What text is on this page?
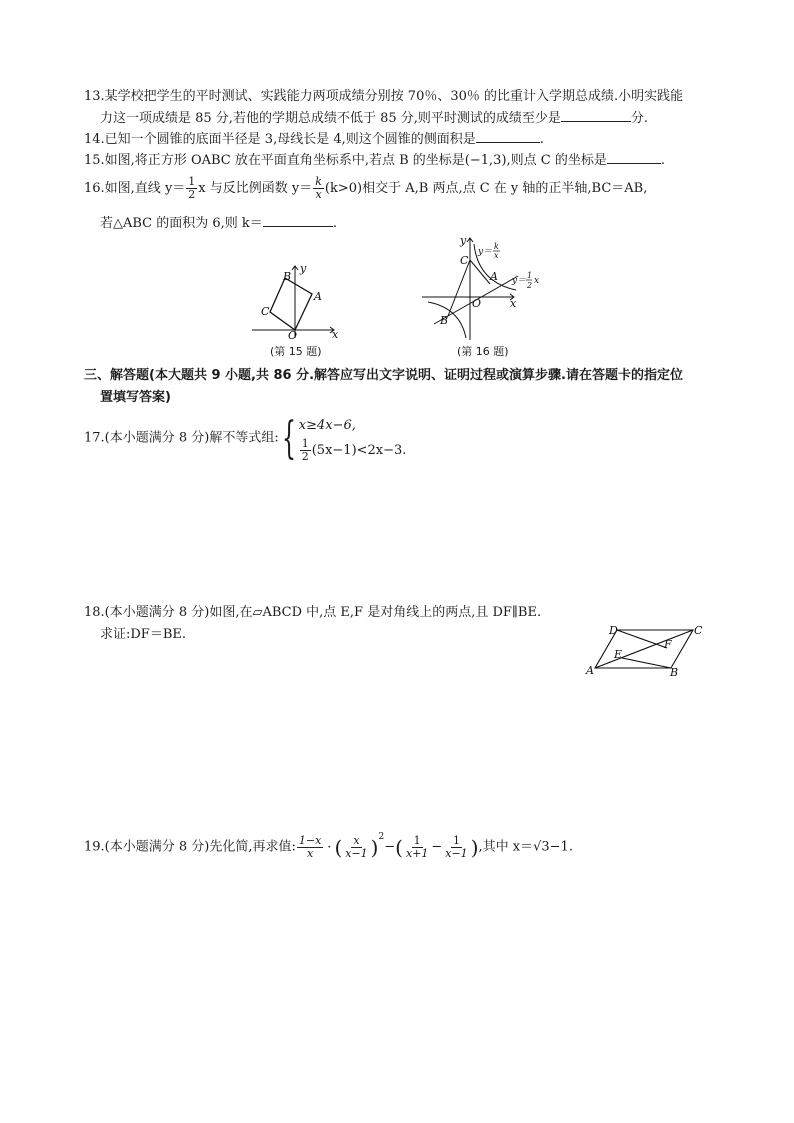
13.某学校把学生的平时测试、实践能力两项成绩分别按 70％、30％ 的比重计入学期总成绩.小明实践能
力这一项成绩是 85 分,若他的学期总成绩不低于 85 分,则平时测试的成绩至少是	分.
14.已知一个圆锥的底面半径是 3,母线长是 4,则这个圆锥的侧面积是	.
15.如图,将正方形 OABC 放在平面直角坐标系中,若点 B 的坐标是(−1,3),则点 C 的坐标是	.
16.如图,直线 $y= \frac{1}{2}$ x 与反比例函数 $y= \frac{k}{x} (k>0)$相交于 A,B 两点,点 C 在 y 轴的正半轴,BC＝AB,
若△ABC 的面积为 6,则 k＝	.
B
A
C
O	x
y
(第 15 题)
C
A
B
O	x
y
y＝
k
x
y＝
1
2 x
(第 16 题)
三、解答题(本大题共 9 小题,共 86 分.解答应写出文字说明、证明过程或演算步骤.请在答题卡的指定位
置填写答案)
17.(本小题满分 8 分)解不等式组: { x≥4x−6,
$\frac{1}{2} (5x-1)<2x-3$.
18.(本小题满分 8 分)如图,在▱ABCD 中,点 E,F 是对角线上的两点,且 DF∥BE.
求证:DF＝BE.	D	C
E
F
A	B
19.(本小题满分 8 分)先化简,再求值: $\frac{1-x}{x}$ · ( $\frac{x}{x-1} )^2-( \frac{1}{x+1} - \frac{1}{x-1}$ ),其中 x＝√3−1.
